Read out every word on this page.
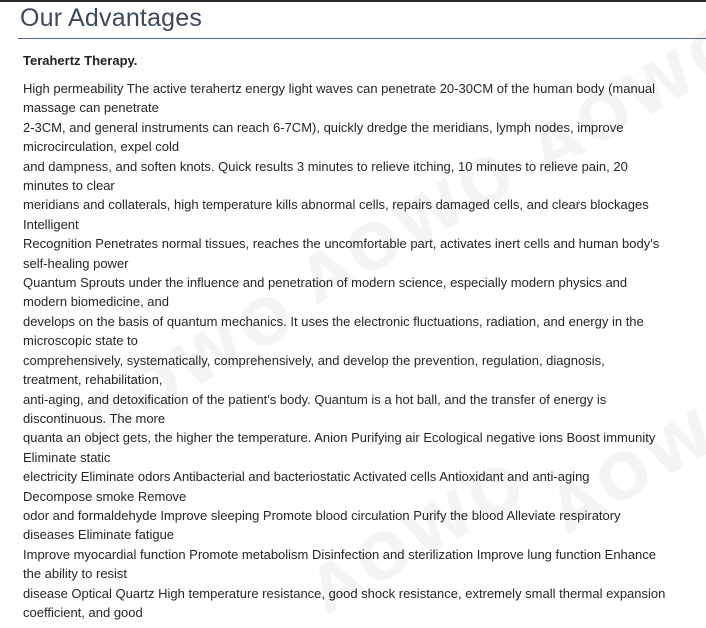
Our Advantages
Terahertz Therapy.
High permeability The active terahertz energy light waves can penetrate 20-30CM of the human body (manual
massage can penetrate
2-3CM, and general instruments can reach 6-7CM), quickly dredge the meridians, lymph nodes, improve
microcirculation, expel cold
and dampness, and soften knots. Quick results 3 minutes to relieve itching, 10 minutes to relieve pain, 20
minutes to clear
meridians and collaterals, high temperature kills abnormal cells, repairs damaged cells, and clears blockages
Intelligent
Recognition Penetrates normal tissues, reaches the uncomfortable part, activates inert cells and human body's
self-healing power
Quantum Sprouts under the influence and penetration of modern science, especially modern physics and
modern biomedicine, and
develops on the basis of quantum mechanics. It uses the electronic fluctuations, radiation, and energy in the
microscopic state to
comprehensively, systematically, comprehensively, and develop the prevention, regulation, diagnosis,
treatment, rehabilitation,
anti-aging, and detoxification of the patient's body. Quantum is a hot ball, and the transfer of energy is
discontinuous. The more
quanta an object gets, the higher the temperature. Anion Purifying air Ecological negative ions Boost immunity
Eliminate static
electricity Eliminate odors Antibacterial and bacteriostatic Activated cells Antioxidant and anti-aging
Decompose smoke Remove
odor and formaldehyde Improve sleeping Promote blood circulation Purify the blood Alleviate respiratory
diseases Eliminate fatigue
Improve myocardial function Promote metabolism Disinfection and sterilization Improve lung function Enhance
the ability to resist
disease Optical Quartz High temperature resistance, good shock resistance, extremely small thermal expansion
coefficient, and good
